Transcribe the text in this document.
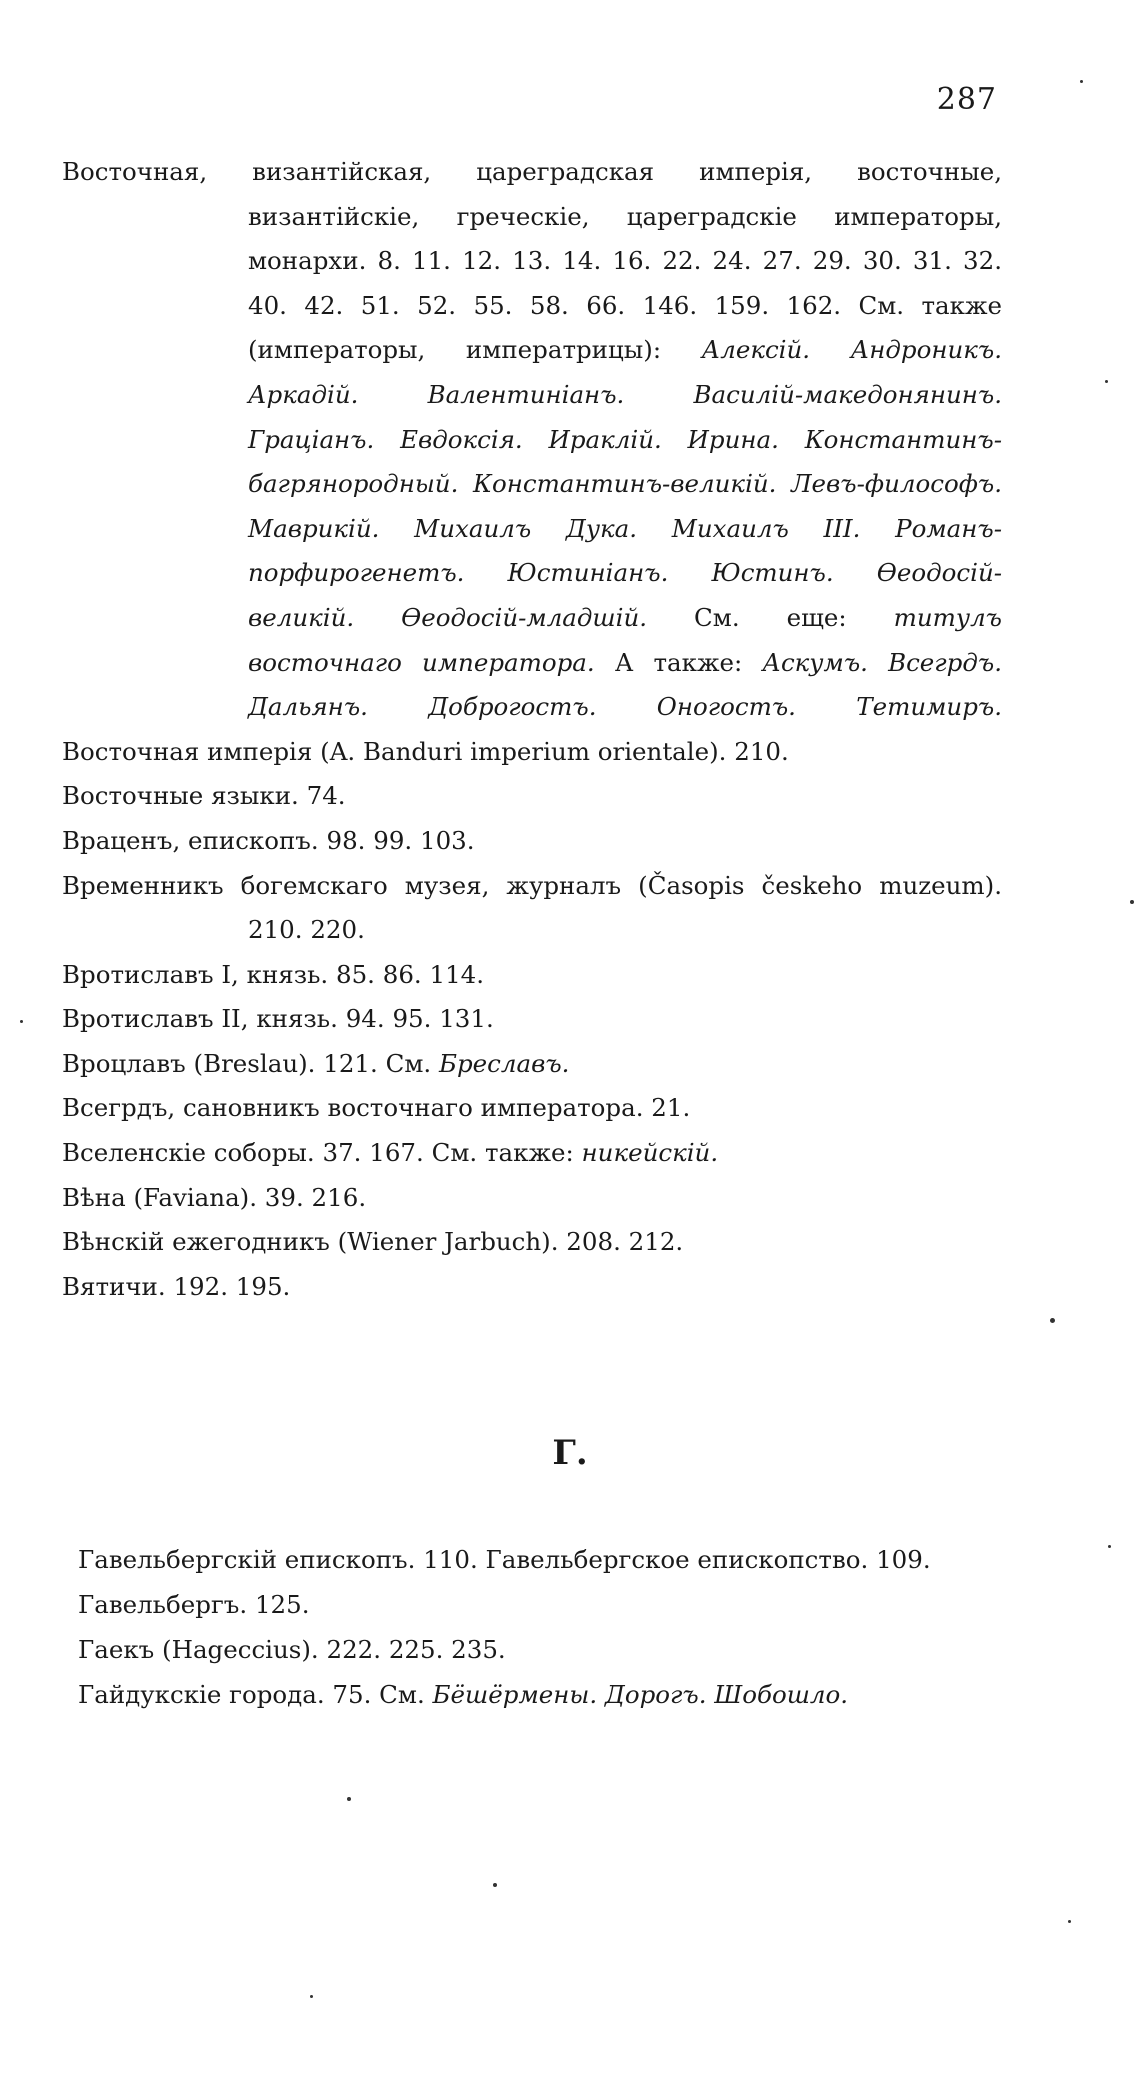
287

Восточная, византійская, цареградская имперія, восточные, византійскіе, греческіе, цареградскіе императоры, монархи. 8. 11. 12. 13. 14. 16. 22. 24. 27. 29. 30. 31. 32. 40. 42. 51. 52. 55. 58. 66. 146. 159. 162. См. также (императоры, императрицы): Алексій. Андроникъ. Аркадій. Валентиніанъ. Василій-македонянинъ. Граціанъ. Евдоксія. Ираклій. Ирина. Константинъ-багрянородный. Константинъ-великій. Левъ-философъ. Маврикій. Михаилъ Дука. Михаилъ III. Романъ-порфирогенетъ. Юстиніанъ. Юстинъ. Ѳеодосій-великій. Ѳеодосій-младшій. См. еще: титулъ восточнаго императора. А также: Аскумъ. Всегрдъ. Дальянъ. Доброгостъ. Оногостъ. Тетимиръ.

Восточная имперія (A. Banduri imperium orientale). 210.

Восточные языки. 74.

Враценъ, епископъ. 98. 99. 103.

Временникъ богемскаго музея, журналъ (Časopis českeho muzeum). 210. 220.

Вротиславъ I, князь. 85. 86. 114.

Вротиславъ II, князь. 94. 95. 131.

Вроцлавъ (Breslau). 121. См. Бреславъ.

Всегрдъ, сановникъ восточнаго императора. 21.

Вселенскіе соборы. 37. 167. См. также: никейскій.

Вѣна (Faviana). 39. 216.

Вѣнскій ежегодникъ (Wiener Jarbuch). 208. 212.

Вятичи. 192. 195.

Г.

Гавельбергскій епископъ. 110. Гавельбергское епископство. 109.

Гавельбергъ. 125.

Гаекъ (Hageccius). 222. 225. 235.

Гайдукскіе города. 75. См. Бёшёрмены. Дорогъ. Шобошло.
